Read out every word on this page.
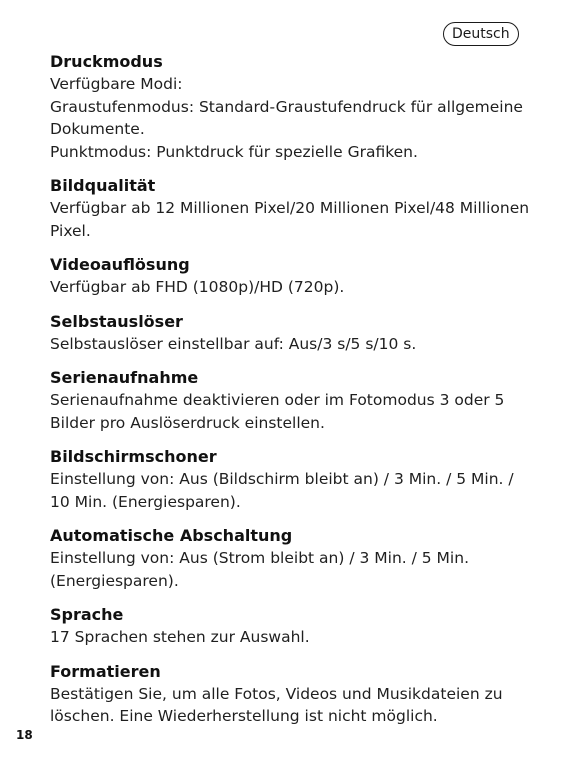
Deutsch
Druckmodus

Verfügbare Modi:

Graustufenmodus: Standard-Graustufendruck für allgemeine

Dokumente.

Punktmodus: Punktdruck für spezielle Grafiken.

Bildqualität

Verfügbar ab 12 Millionen Pixel/20 Millionen Pixel/48 Millionen

Pixel.

Videoauflösung

Verfügbar ab FHD (1080p)/HD (720p).

Selbstauslöser

Selbstauslöser einstellbar auf: Aus/3 s/5 s/10 s.

Serienaufnahme

Serienaufnahme deaktivieren oder im Fotomodus 3 oder 5

Bilder pro Auslöserdruck einstellen.

Bildschirmschoner

Einstellung von: Aus (Bildschirm bleibt an) / 3 Min. / 5 Min. /

10 Min. (Energiesparen).

Automatische Abschaltung

Einstellung von: Aus (Strom bleibt an) / 3 Min. / 5 Min.

(Energiesparen).

Sprache

17 Sprachen stehen zur Auswahl.

Formatieren

Bestätigen Sie, um alle Fotos, Videos und Musikdateien zu

löschen. Eine Wiederherstellung ist nicht möglich.

18
